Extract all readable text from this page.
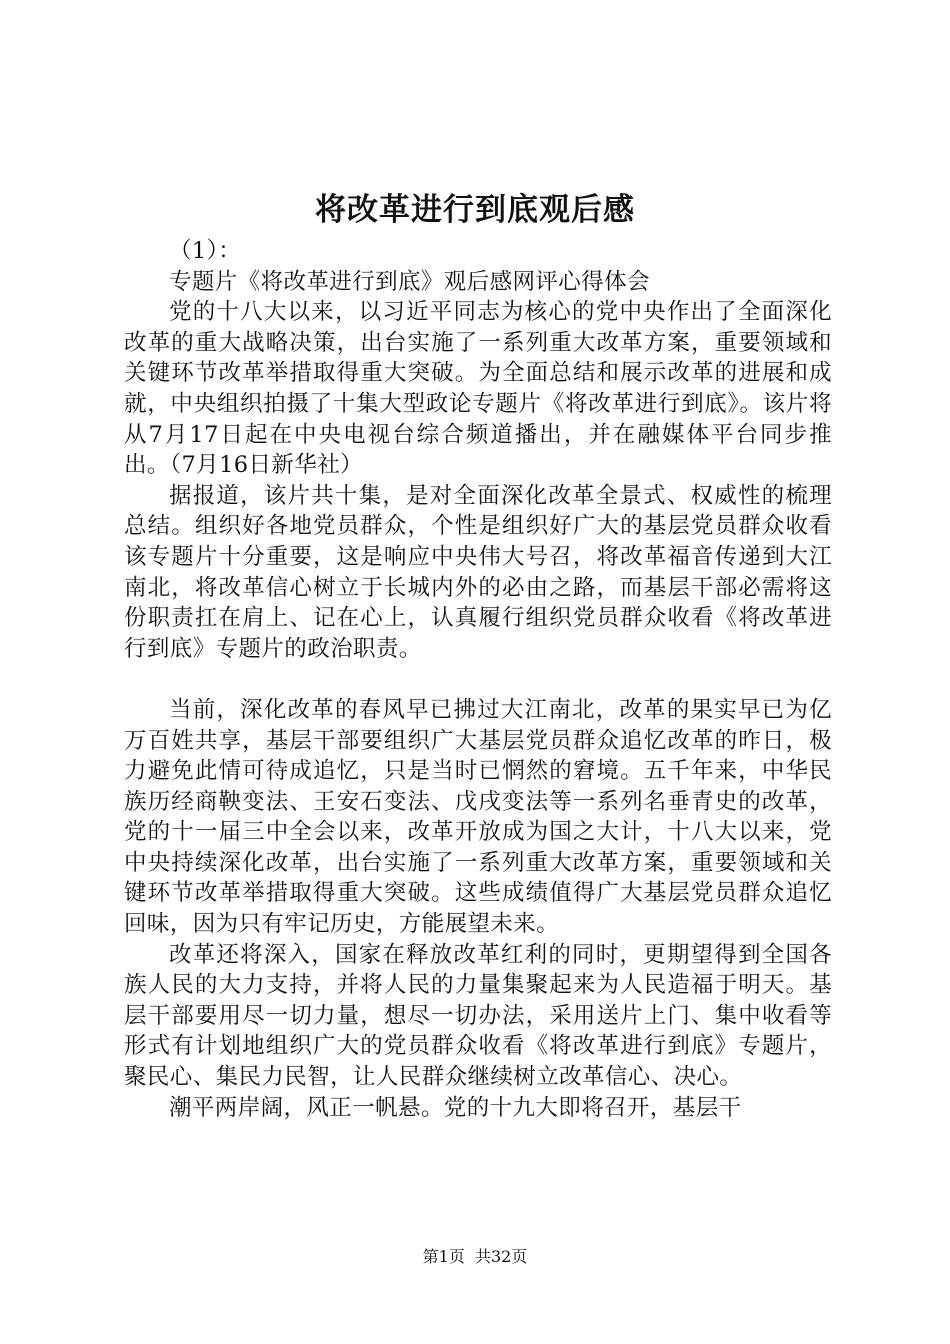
将改革进行到底观后感

（1）：

专题片《将改革进行到底》观后感网评心得体会

党的十八大以来，以习近平同志为核心的党中央作出了全面深化改革的重大战略决策，出台实施了一系列重大改革方案，重要领域和关键环节改革举措取得重大突破。为全面总结和展示改革的进展和成就，中央组织拍摄了十集大型政论专题片《将改革进行到底》。该片将从7月17日起在中央电视台综合频道播出，并在融媒体平台同步推出。（7月16日新华社）

据报道，该片共十集，是对全面深化改革全景式、权威性的梳理总结。组织好各地党员群众，个性是组织好广大的基层党员群众收看该专题片十分重要，这是响应中央伟大号召，将改革福音传递到大江南北，将改革信心树立于长城内外的必由之路，而基层干部必需将这份职责扛在肩上、记在心上，认真履行组织党员群众收看《将改革进行到底》专题片的政治职责。

当前，深化改革的春风早已拂过大江南北，改革的果实早已为亿万百姓共享，基层干部要组织广大基层党员群众追忆改革的昨日，极力避免此情可待成追忆，只是当时已惘然的窘境。五千年来，中华民族历经商鞅变法、王安石变法、戊戌变法等一系列名垂青史的改革，党的十一届三中全会以来，改革开放成为国之大计，十八大以来，党中央持续深化改革，出台实施了一系列重大改革方案，重要领域和关键环节改革举措取得重大突破。这些成绩值得广大基层党员群众追忆回味，因为只有牢记历史，方能展望未来。

改革还将深入，国家在释放改革红利的同时，更期望得到全国各族人民的大力支持，并将人民的力量集聚起来为人民造福于明天。基层干部要用尽一切力量，想尽一切办法，采用送片上门、集中收看等形式有计划地组织广大的党员群众收看《将改革进行到底》专题片，聚民心、集民力民智，让人民群众继续树立改革信心、决心。

潮平两岸阔，风正一帆悬。党的十九大即将召开，基层干

第1页  共32页
